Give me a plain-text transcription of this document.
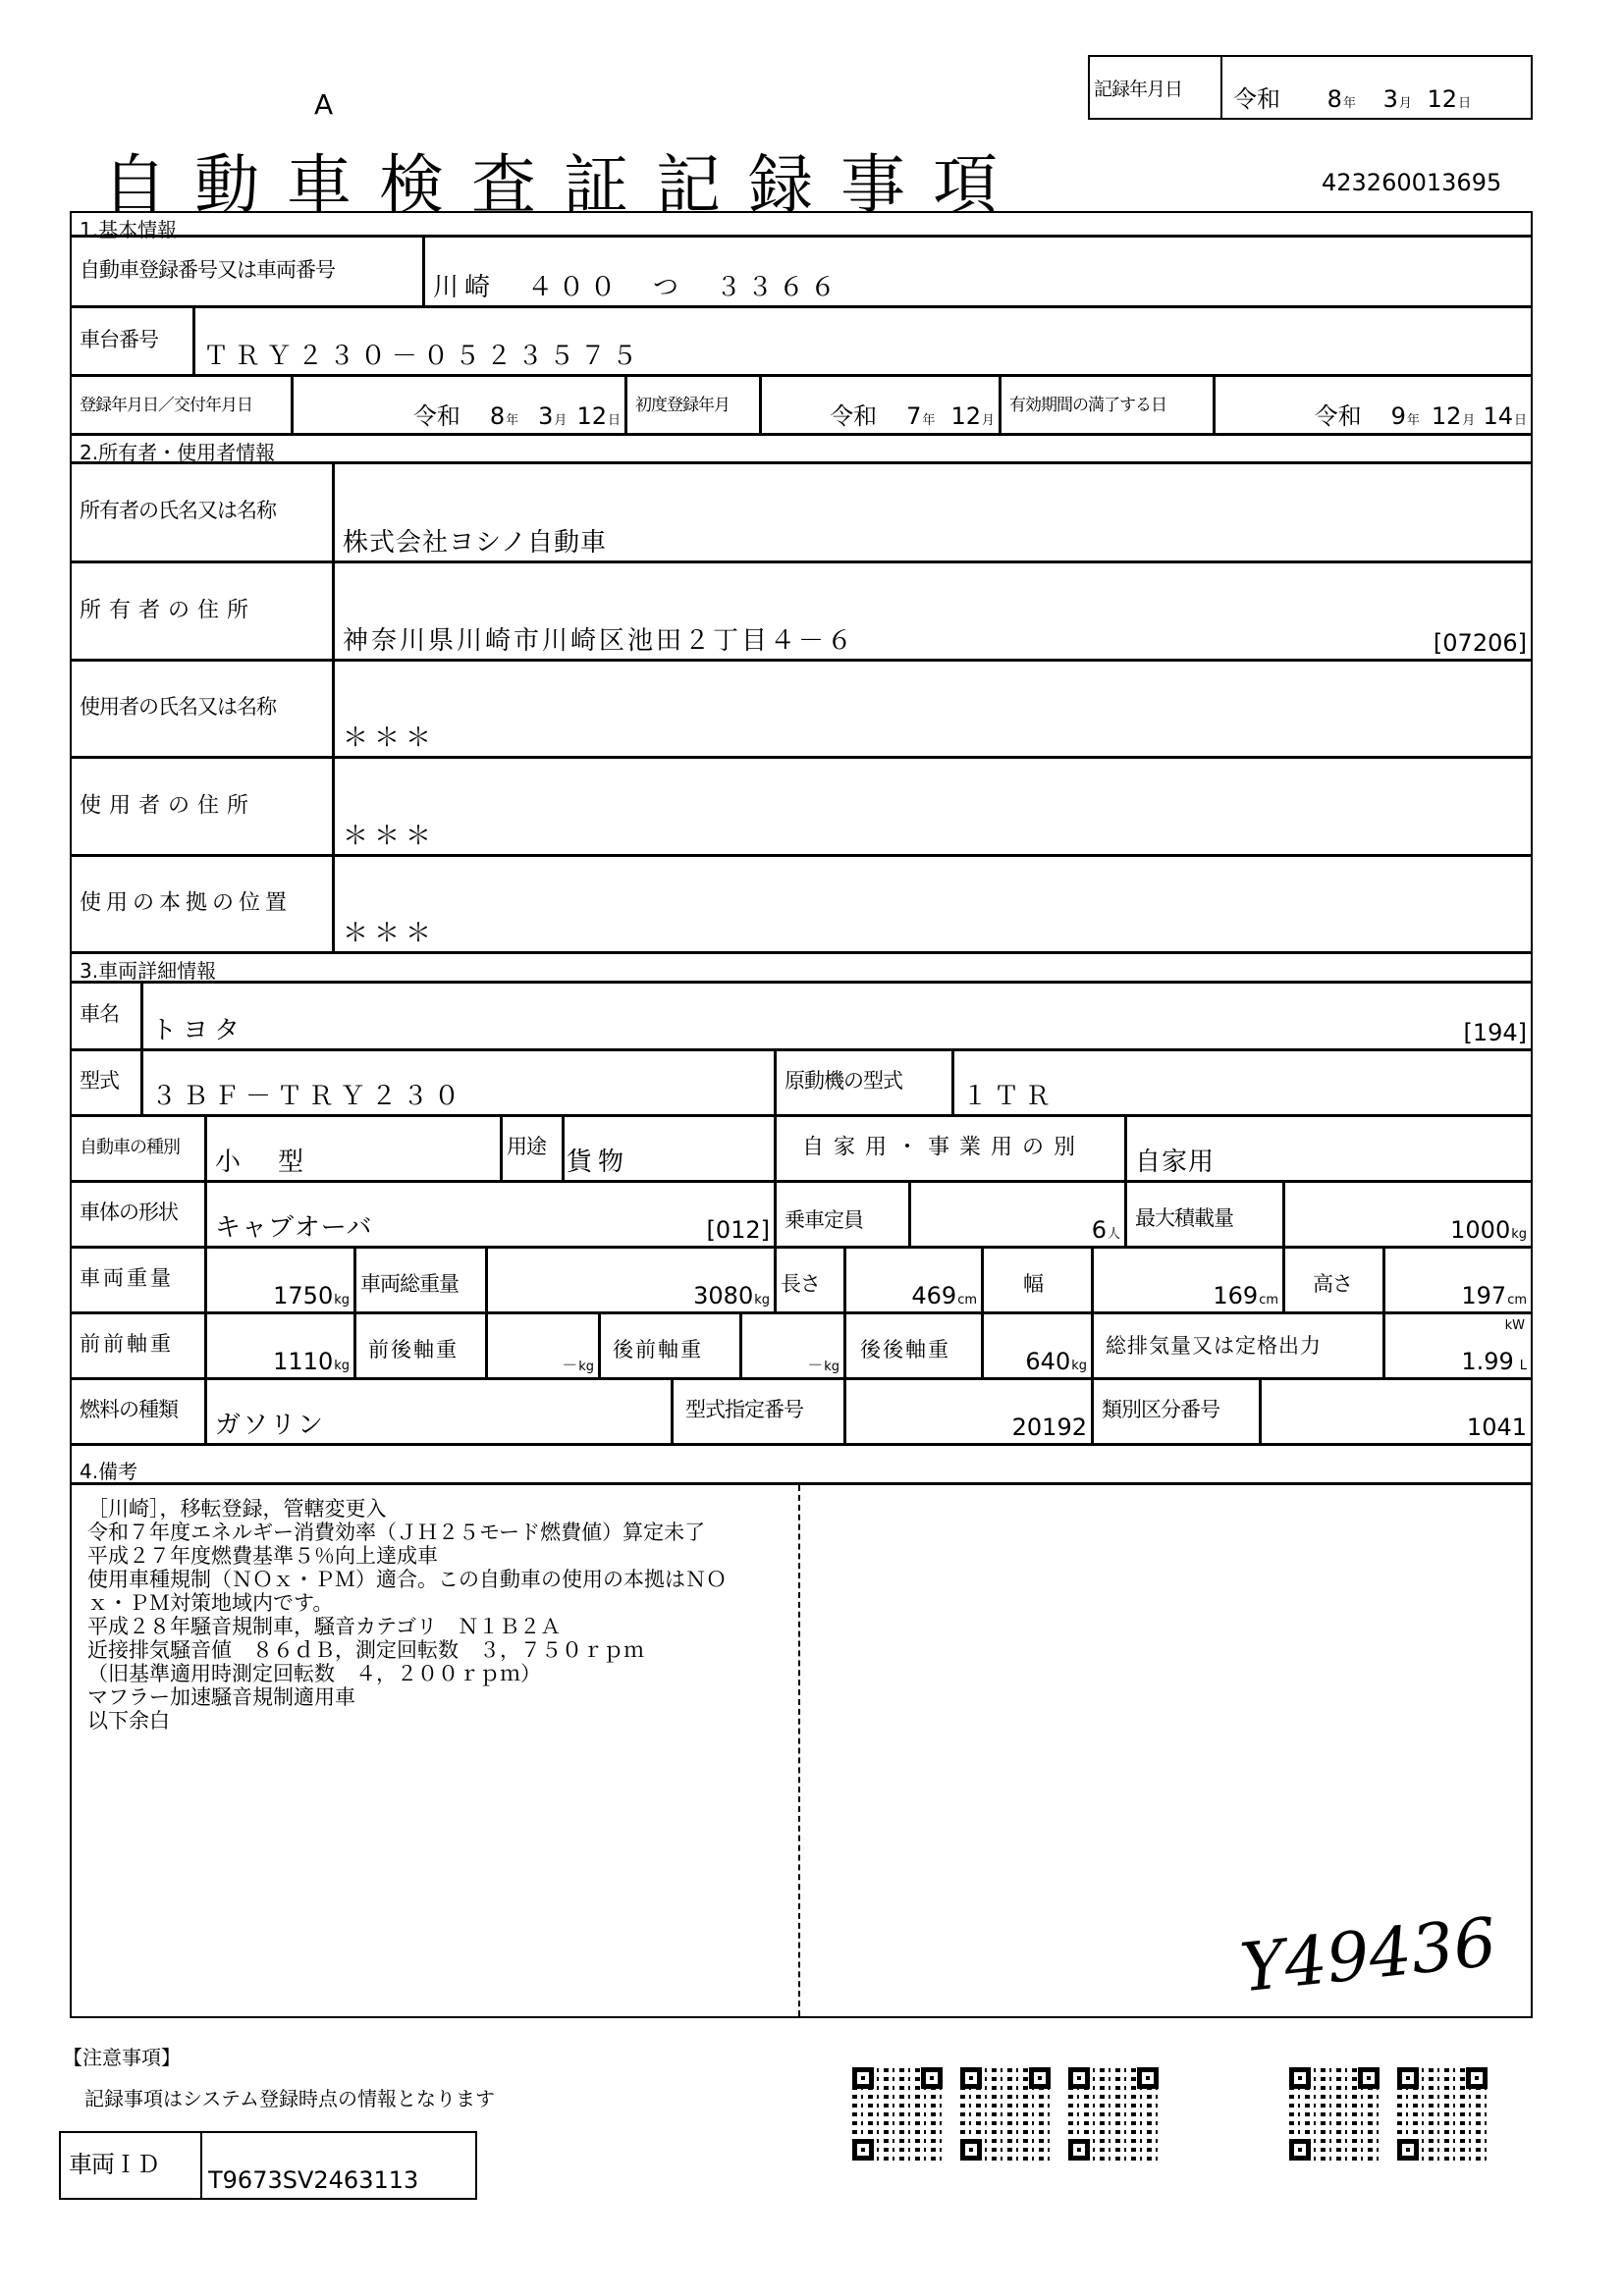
A	記録年月日 令和 8年 3月 12日
自動車検査証記録事項	423260013695
1.基本情報
自動車登録番号又は車両番号
川崎　４００　つ　３３６６
車台番号
ＴＲＹ２３０－０５２３５７５
登録年月日／交付年月日	令和 8年 3月 12日
初度登録年月	令和 7年 12月
有効期間の満了する日	令和 9年 12月 14日
2.所有者・使用者情報
所有者の氏名又は名称
株式会社ヨシノ自動車
所有者の住所
神奈川県川崎市川崎区池田２丁目４－６	[07206]
使用者の氏名又は名称
＊＊＊
使用者の住所
＊＊＊
使用の本拠の位置
＊＊＊
3.車両詳細情報
車名
トヨタ	[194]
型式
３ＢＦ－ＴＲＹ２３０
原動機の型式
１ＴＲ
自動車の種別
小　型
用途
貨物
自家用・事業用の別
自家用
車体の形状
キャブオーバ	[012] 乗車定員	6人
最大積載量	1000kg
車両重量
1750kg
車両総重量	3080kg
長さ	469cm
幅	169cm
高さ	197cm
前前軸重
1110kg
前後軸重
－kg
後前軸重
－kg
後後軸重	640kg
総排気量又は定格出力
kW
1.99 L
燃料の種類
ガソリン
型式指定番号
20192
類別区分番号
1041
4.備考
［川崎］，移転登録，管轄変更入
令和７年度エネルギー消費効率（ＪＨ２５モード燃費値）算定未了
平成２７年度燃費基準５％向上達成車
使用車種規制（ＮＯｘ・ＰＭ）適合。この自動車の使用の本拠はＮＯ
ｘ・ＰＭ対策地域内です。
平成２８年騒音規制車，騒音カテゴリ　Ｎ１Ｂ２Ａ
近接排気騒音値　８６ｄＢ，測定回転数　３，７５０ｒｐｍ
（旧基準適用時測定回転数　４，２００ｒｐｍ）
マフラー加速騒音規制適用車
以下余白
Y49436
【注意事項】
記録事項はシステム登録時点の情報となります
車両ＩＤ
T9673SV2463113
